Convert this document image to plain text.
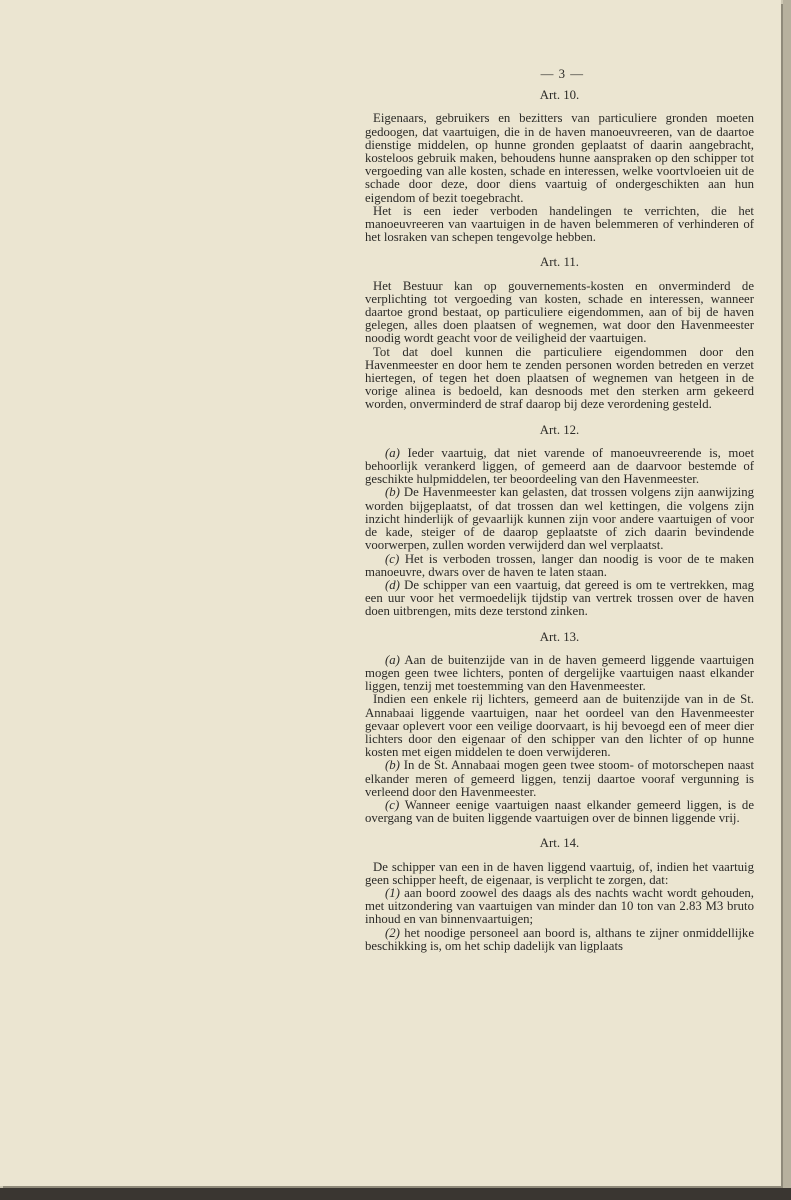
— 3 —
Art. 10.

Eigenaars, gebruikers en bezitters van particuliere gronden moeten gedoogen, dat vaartuigen, die in de haven manoeuvreeren, van de daartoe dienstige middelen, op hunne gronden geplaatst of daarin aangebracht, kosteloos gebruik maken, behoudens hunne aanspraken op den schipper tot vergoeding van alle kosten, schade en interessen, welke voortvloeien uit de schade door deze, door diens vaartuig of ondergeschikten aan hun eigendom of bezit toegebracht.

Het is een ieder verboden handelingen te verrichten, die het manoeuvreeren van vaartuigen in de haven belemmeren of verhinderen of het losraken van schepen tengevolge hebben.

Art. 11.

Het Bestuur kan op gouvernements-kosten en onverminderd de verplichting tot vergoeding van kosten, schade en interessen, wanneer daartoe grond bestaat, op particuliere eigendommen, aan of bij de haven gelegen, alles doen plaatsen of wegnemen, wat door den Havenmeester noodig wordt geacht voor de veiligheid der vaartuigen.

Tot dat doel kunnen die particuliere eigendommen door den Havenmeester en door hem te zenden personen worden betreden en verzet hiertegen, of tegen het doen plaatsen of wegnemen van hetgeen in de vorige alinea is bedoeld, kan desnoods met den sterken arm gekeerd worden, onverminderd de straf daarop bij deze verordening gesteld.

Art. 12.

(a) Ieder vaartuig, dat niet varende of manoeuvreerende is, moet behoorlijk verankerd liggen, of gemeerd aan de daarvoor bestemde of geschikte hulpmiddelen, ter beoordeeling van den Havenmeester.

(b) De Havenmeester kan gelasten, dat trossen volgens zijn aanwijzing worden bijgeplaatst, of dat trossen dan wel kettingen, die volgens zijn inzicht hinderlijk of gevaarlijk kunnen zijn voor andere vaartuigen of voor de kade, steiger of de daarop geplaatste of zich daarin bevindende voorwerpen, zullen worden verwijderd dan wel verplaatst.

(c) Het is verboden trossen, langer dan noodig is voor de te maken manoeuvre, dwars over de haven te laten staan.

(d) De schipper van een vaartuig, dat gereed is om te vertrekken, mag een uur voor het vermoedelijk tijdstip van vertrek trossen over de haven doen uitbrengen, mits deze terstond zinken.

Art. 13.

(a) Aan de buitenzijde van in de haven gemeerd liggende vaartuigen mogen geen twee lichters, ponten of dergelijke vaartuigen naast elkander liggen, tenzij met toestemming van den Havenmeester.

Indien een enkele rij lichters, gemeerd aan de buitenzijde van in de St. Annabaai liggende vaartuigen, naar het oordeel van den Havenmeester gevaar oplevert voor een veilige doorvaart, is hij bevoegd een of meer dier lichters door den eigenaar of den schipper van den lichter of op hunne kosten met eigen middelen te doen verwijderen.

(b) In de St. Annabaai mogen geen twee stoom- of motorschepen naast elkander meren of gemeerd liggen, tenzij daartoe vooraf vergunning is verleend door den Havenmeester.

(c) Wanneer eenige vaartuigen naast elkander gemeerd liggen, is de overgang van de buiten liggende vaartuigen over de binnen liggende vrij.

Art. 14.

De schipper van een in de haven liggend vaartuig, of, indien het vaartuig geen schipper heeft, de eigenaar, is verplicht te zorgen, dat:

(1) aan boord zoowel des daags als des nachts wacht wordt gehouden, met uitzondering van vaartuigen van minder dan 10 ton van 2.83 M3 bruto inhoud en van binnenvaartuigen;

(2) het noodige personeel aan boord is, althans te zijner onmiddellijke beschikking is, om het schip dadelijk van ligplaats
